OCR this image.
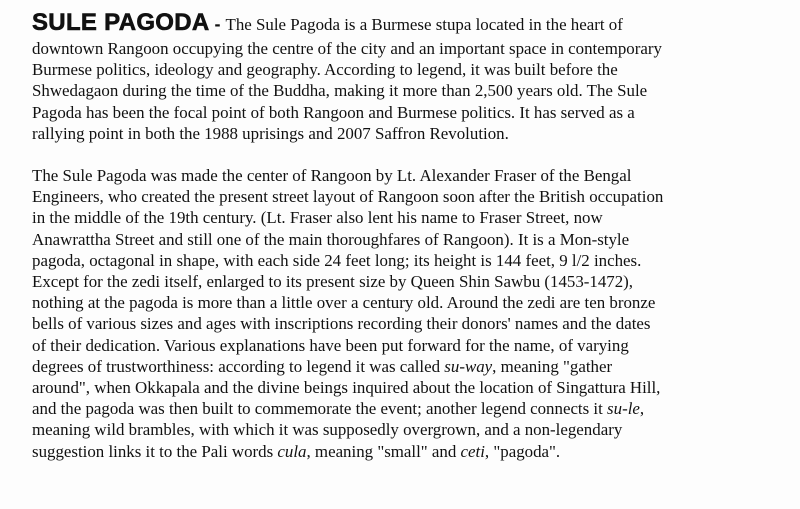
SULE PAGODA - The Sule Pagoda is a Burmese stupa located in the heart of
downtown Rangoon occupying the centre of the city and an important space in contemporary
Burmese politics, ideology and geography. According to legend, it was built before the
Shwedagaon during the time of the Buddha, making it more than 2,500 years old. The Sule
Pagoda has been the focal point of both Rangoon and Burmese politics. It has served as a
rallying point in both the 1988 uprisings and 2007 Saffron Revolution.

The Sule Pagoda was made the center of Rangoon by Lt. Alexander Fraser of the Bengal
Engineers, who created the present street layout of Rangoon soon after the British occupation
in the middle of the 19th century. (Lt. Fraser also lent his name to Fraser Street, now
Anawrattha Street and still one of the main thoroughfares of Rangoon). It is a Mon-style
pagoda, octagonal in shape, with each side 24 feet long; its height is 144 feet, 9 l/2 inches.
Except for the zedi itself, enlarged to its present size by Queen Shin Sawbu (1453-1472),
nothing at the pagoda is more than a little over a century old. Around the zedi are ten bronze
bells of various sizes and ages with inscriptions recording their donors' names and the dates
of their dedication. Various explanations have been put forward for the name, of varying
degrees of trustworthiness: according to legend it was called su-way, meaning "gather
around", when Okkapala and the divine beings inquired about the location of Singattura Hill,
and the pagoda was then built to commemorate the event; another legend connects it su-le,
meaning wild brambles, with which it was supposedly overgrown, and a non-legendary
suggestion links it to the Pali words cula, meaning "small" and ceti, "pagoda".
